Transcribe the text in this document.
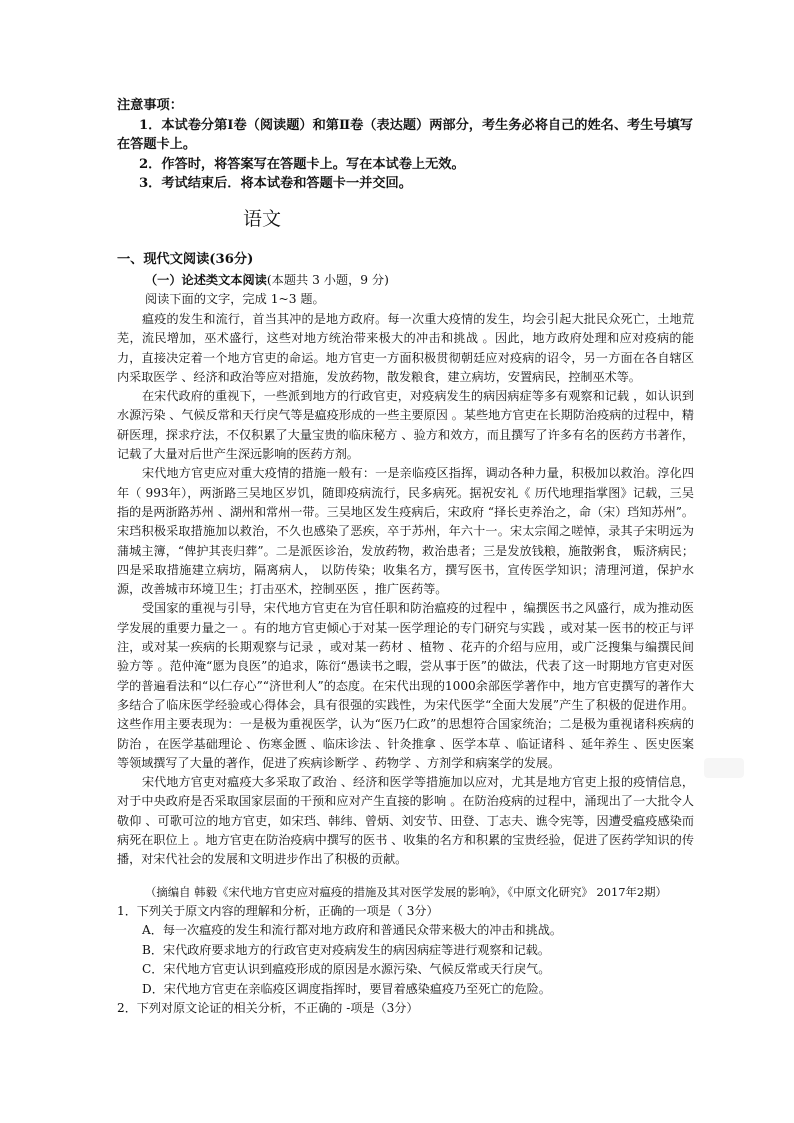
注意事项：

1．本试卷分第Ⅰ卷（阅读题）和第Ⅱ卷（表达题）两部分，考生务必将自己的姓名、考生号填写在答题卡上。

2．作答时，将答案写在答题卡上。写在本试卷上无效。

3．考试结束后．将本试卷和答题卡一并交回。

语文
一、现代文阅读(36分)
（一）论述类文本阅读(本题共 3 小题，9 分)
阅读下面的文字，完成 1~3 题。

瘟疫的发生和流行，首当其冲的是地方政府。每一次重大疫情的发生，均会引起大批民众死亡，土地荒芜，流民增加，巫术盛行，这些对地方统治带来极大的冲击和挑战 。因此，地方政府处理和应对疫病的能力，直接决定着一个地方官吏的命运。地方官吏一方面积极贯彻朝廷应对疫病的诏令，另一方面在各自辖区内采取医学 、经济和政治等应对措施，发放药物，散发粮食，建立病坊，安置病民，控制巫术等。

在宋代政府的重视下，一些派到地方的行政官吏，对疫病发生的病因病症等多有观察和记载 ，如认识到水源污染 、气候反常和天行戾气等是瘟疫形成的一些主要原因 。某些地方官吏在长期防治疫病的过程中，精研医理，探求疗法，不仅积累了大量宝贵的临床秘方 、验方和效方，而且撰写了许多有名的医药方书著作，记载了大量对后世产生深远影响的医药方剂。

宋代地方官吏应对重大疫情的措施一般有：一是亲临疫区指挥，调动各种力量，积极加以救治。淳化四年（ 993年），两浙路三吴地区岁饥，随即疫病流行，民多病死。据祝安礼《 历代地理指掌图》记载，三吴指的是两浙路苏州 、湖州和常州一带。三吴地区发生疫病后，宋政府 “择长吏养治之，命（宋）珰知苏州”。宋珰积极采取措施加以救治，不久也感染了恶疾，卒于苏州，年六十一。宋太宗闻之嗟悼，录其子宋明远为蒲城主簿，“俾护其丧归葬”。二是派医诊治，发放药物，救治患者；三是发放钱粮，施散粥食， 赈济病民；四是采取措施建立病坊，隔离病人， 以防传染；收集名方，撰写医书，宣传医学知识；清理河道，保护水源，改善城市环境卫生；打击巫术，控制巫医 ，推广医药等。

受国家的重视与引导，宋代地方官吏在为官任职和防治瘟疫的过程中 ，编撰医书之风盛行，成为推动医学发展的重要力量之一 。有的地方官吏倾心于对某一医学理论的专门研究与实践 ，或对某一医书的校正与评注，或对某一疾病的长期观察与记录 ，或对某一药材 、植物 、花卉的介绍与应用，或广泛搜集与编撰民间验方等 。范仲淹“愿为良医”的追求，陈衍“愚读书之暇，尝从事于医”的做法，代表了这一时期地方官吏对医学的普遍看法和“以仁存心”“济世利人”的态度。在宋代出现的1000余部医学著作中，地方官吏撰写的著作大多结合了临床医学经验或心得体会，具有很强的实践性，为宋代医学“全面大发展”产生了积极的促进作用。 这些作用主要表现为：一是极为重视医学，认为“医乃仁政”的思想符合国家统治；二是极为重视诸科疾病的防治 ，在医学基础理论 、伤寒金匮 、临床诊法 、针灸推拿 、医学本草 、临证诸科 、延年养生 、医史医案等领域撰写了大量的著作，促进了疾病诊断学 、药物学 、方剂学和病案学的发展。

宋代地方官吏对瘟疫大多采取了政治 、经济和医学等措施加以应对，尤其是地方官吏上报的疫情信息，对于中央政府是否采取国家层面的干预和应对产生直接的影响 。在防治疫病的过程中，涌现出了一大批令人敬仰 、可歌可泣的地方官吏，如宋珰、韩纬、曾炳、刘安节、田登、丁志夫、谯令宪等，因遭受瘟疫感染而病死在职位上 。地方官吏在防治疫病中撰写的医书 、收集的名方和积累的宝贵经验，促进了医药学知识的传播，对宋代社会的发展和文明进步作出了积极的贡献。

（摘编自 韩毅《宋代地方官吏应对瘟疫的措施及其对医学发展的影响》，《中原文化研究》 2017年2期）

1．下列关于原文内容的理解和分析，正确的一项是（ 3分）

A．每一次瘟疫的发生和流行都对地方政府和普通民众带来极大的冲击和挑战。

B．宋代政府要求地方的行政官吏对疫病发生的病因病症等进行观察和记载。

C．宋代地方官吏认识到瘟疫形成的原因是水源污染、气候反常或天行戾气。

D．宋代地方官吏在亲临疫区调度指挥时，要冒着感染瘟疫乃至死亡的危险。

2．下列对原文论证的相关分析，不正确的 -项是（3分）
